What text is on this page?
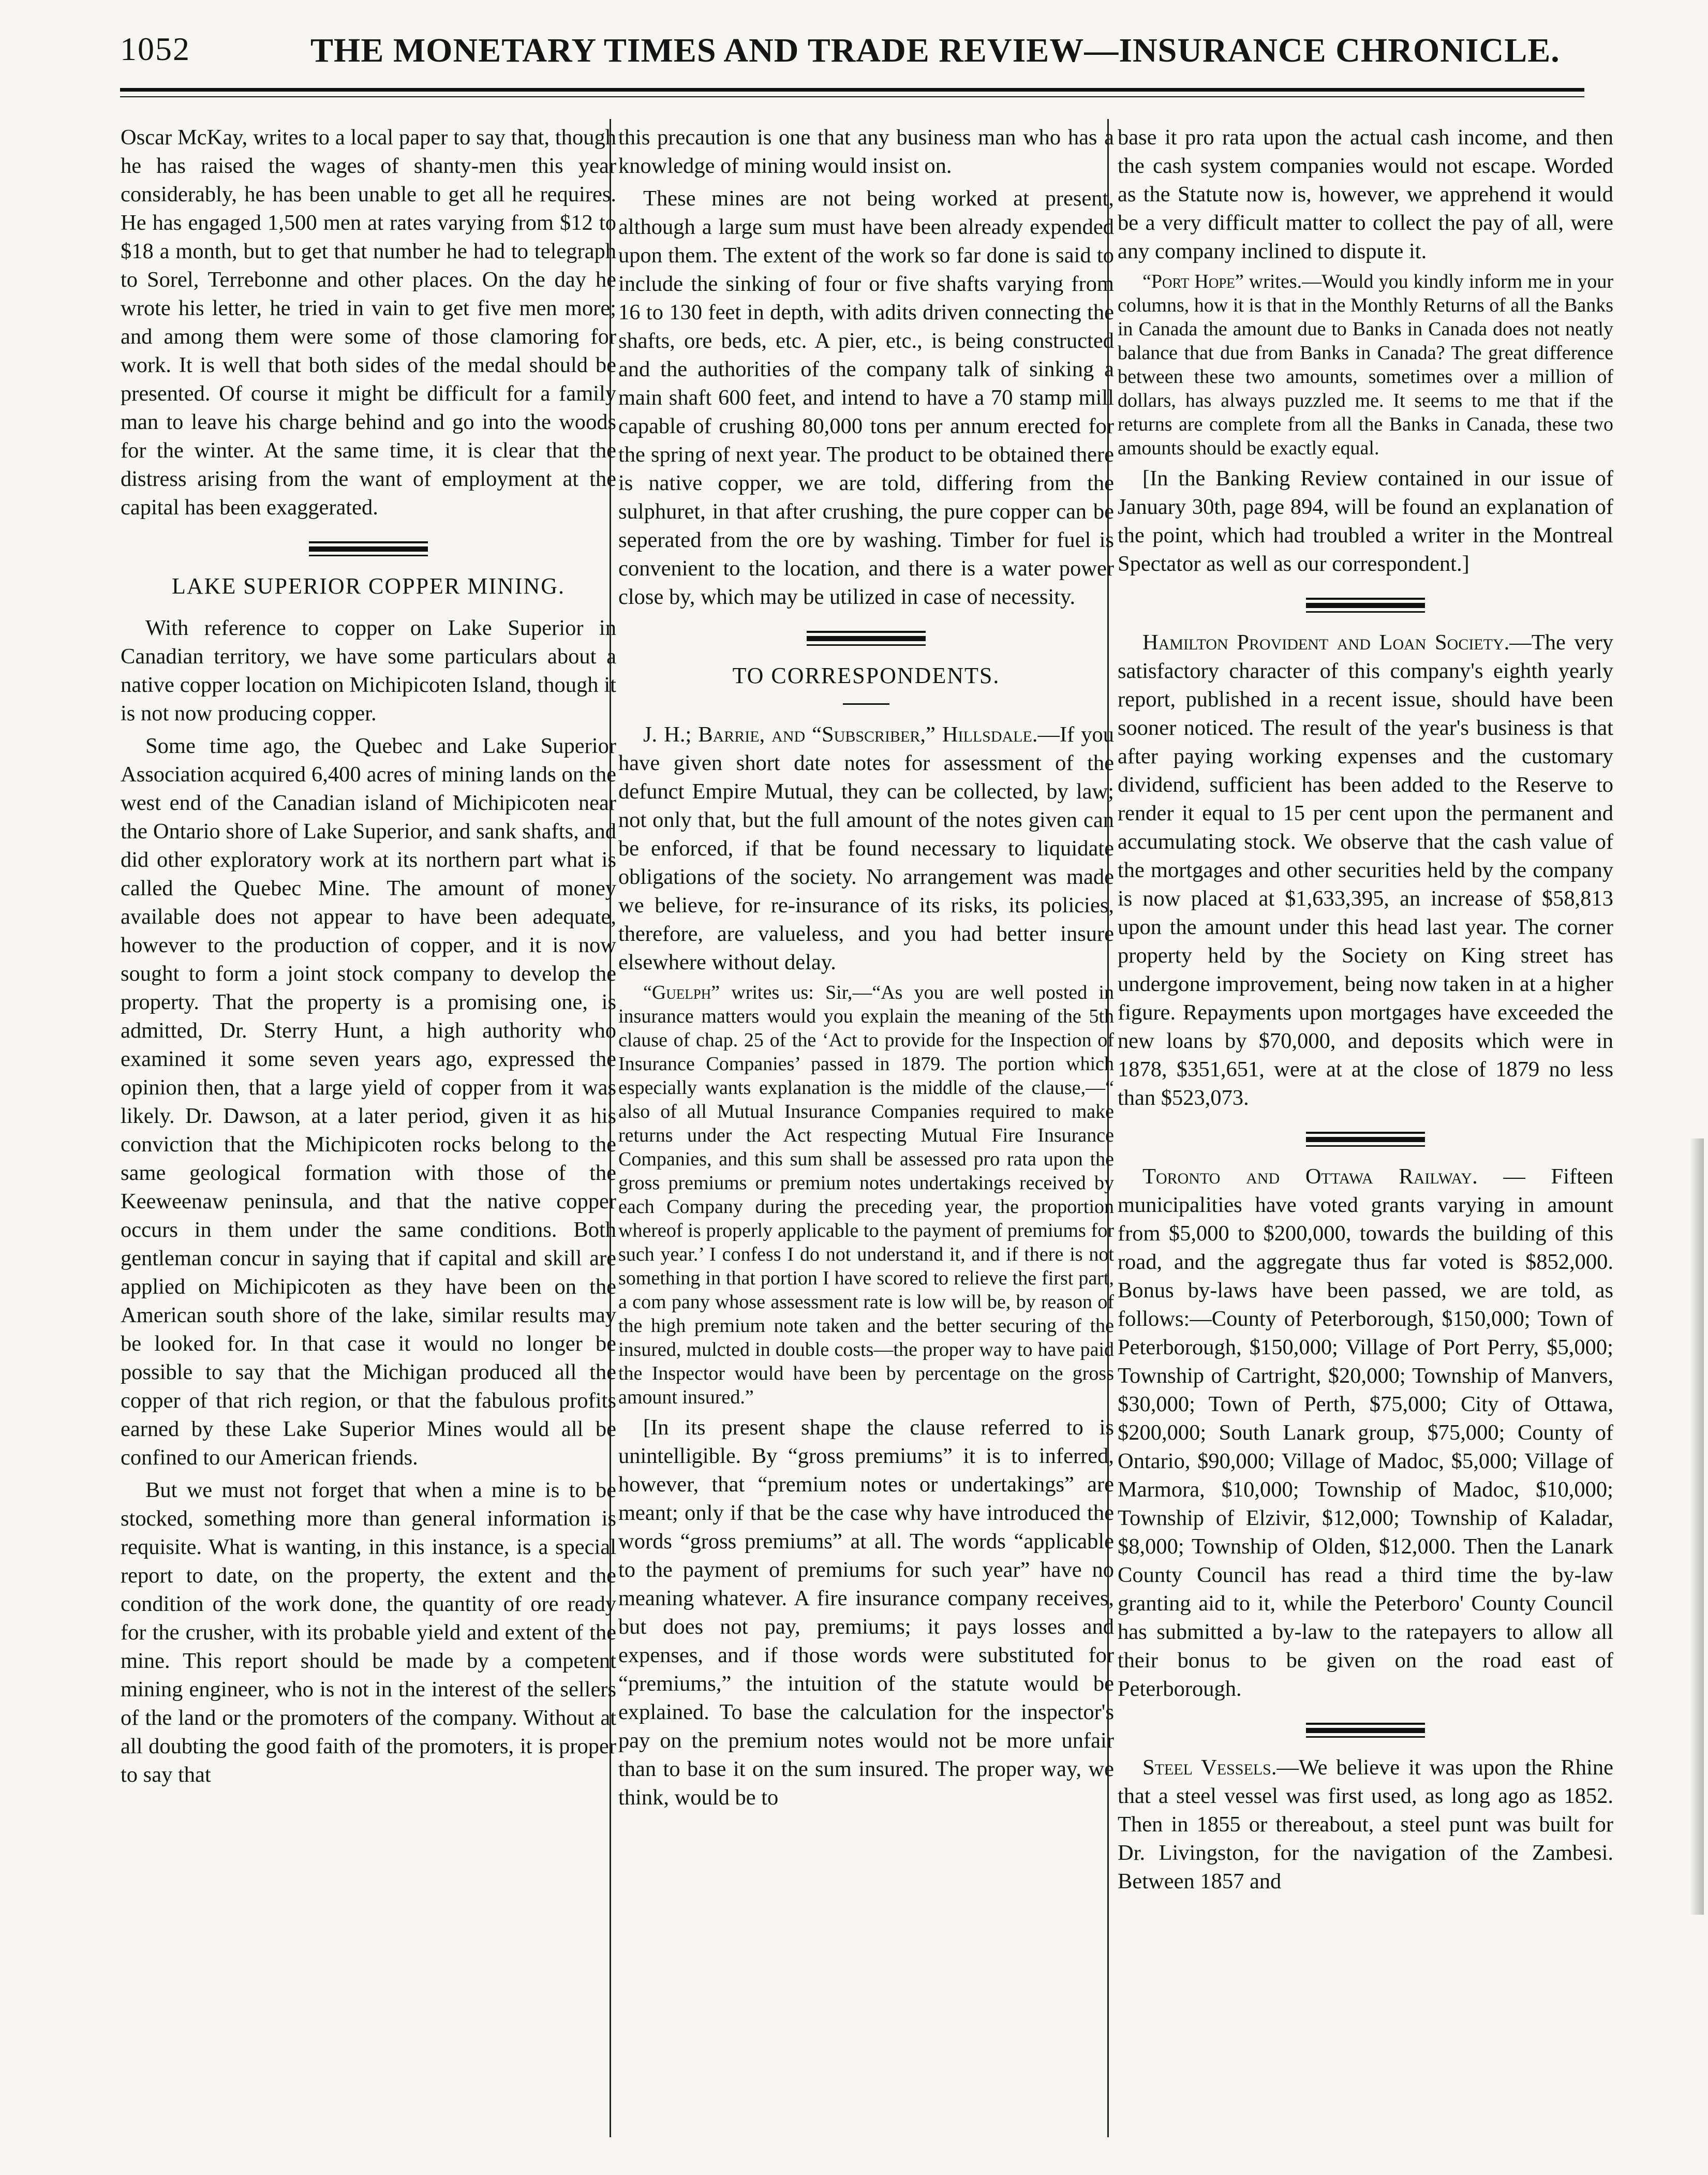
1052	THE MONETARY TIMES AND TRADE REVIEW—INSURANCE CHRONICLE.

Oscar McKay, writes to a local paper to say that, though he has raised the wages of shanty-men this year considerably, he has been unable to get all he requires. He has engaged 1,500 men at rates varying from $12 to $18 a month, but to get that number he had to telegraph to Sorel, Terrebonne and other places. On the day he wrote his letter, he tried in vain to get five men more; and among them were some of those clamoring for work. It is well that both sides of the medal should be presented. Of course it might be difficult for a family man to leave his charge behind and go into the woods for the winter. At the same time, it is clear that the distress arising from the want of employment at the capital has been exaggerated.

LAKE SUPERIOR COPPER MINING.

With reference to copper on Lake Superior in Canadian territory, we have some particulars about a native copper location on Michipicoten Island, though it is not now producing copper.

Some time ago, the Quebec and Lake Superior Association acquired 6,400 acres of mining lands on the west end of the Canadian island of Michipicoten near the Ontario shore of Lake Superior, and sank shafts, and did other exploratory work at its northern part what is called the Quebec Mine. The amount of money available does not appear to have been adequate, however to the production of copper, and it is now sought to form a joint stock company to develop the property. That the property is a promising one, is admitted, Dr. Sterry Hunt, a high authority who examined it some seven years ago, expressed the opinion then, that a large yield of copper from it was likely. Dr. Dawson, at a later period, given it as his conviction that the Michipicoten rocks belong to the same geological formation with those of the Keeweenaw peninsula, and that the native copper occurs in them under the same conditions. Both gentleman concur in saying that if capital and skill are applied on Michipicoten as they have been on the American south shore of the lake, similar results may be looked for. In that case it would no longer be possible to say that the Michigan produced all the copper of that rich region, or that the fabulous profits earned by these Lake Superior Mines would all be confined to our American friends.

But we must not forget that when a mine is to be stocked, something more than general information is requisite. What is wanting, in this instance, is a special report to date, on the property, the extent and the condition of the work done, the quantity of ore ready for the crusher, with its probable yield and extent of the mine. This report should be made by a competent mining engineer, who is not in the interest of the sellers of the land or the promoters of the company. Without at all doubting the good faith of the promoters, it is proper to say that

this precaution is one that any business man who has a knowledge of mining would insist on.

These mines are not being worked at present, although a large sum must have been already expended upon them. The extent of the work so far done is said to include the sinking of four or five shafts varying from 16 to 130 feet in depth, with adits driven connecting the shafts, ore beds, etc. A pier, etc., is being constructed and the authorities of the company talk of sinking a main shaft 600 feet, and intend to have a 70 stamp mill capable of crushing 80,000 tons per annum erected for the spring of next year. The product to be obtained there is native copper, we are told, differing from the sulphuret, in that after crushing, the pure copper can be seperated from the ore by washing. Timber for fuel is convenient to the location, and there is a water power close by, which may be utilized in case of necessity.

TO CORRESPONDENTS.

J. H.; Barrie, and “Subscriber,” Hillsdale.—If you have given short date notes for assessment of the defunct Empire Mutual, they can be collected, by law; not only that, but the full amount of the notes given can be enforced, if that be found necessary to liquidate obligations of the society. No arrangement was made we believe, for re-insurance of its risks, its policies, therefore, are valueless, and you had better insure elsewhere without delay.

“Guelph” writes us: Sir,—“As you are well posted in insurance matters would you explain the meaning of the 5th clause of chap. 25 of the ‘Act to provide for the Inspection of Insurance Companies’ passed in 1879. The portion which especially wants explanation is the middle of the clause,—“ also of all Mutual Insurance Companies required to make returns under the Act respecting Mutual Fire Insurance Companies, and this sum shall be assessed pro rata upon the gross premiums or premium notes undertakings received by each Company during the preceding year, the proportion whereof is properly applicable to the payment of premiums for such year.’ I confess I do not understand it, and if there is not something in that portion I have scored to relieve the first part, a com pany whose assessment rate is low will be, by reason of the high premium note taken and the better securing of the insured, mulcted in double costs—the proper way to have paid the Inspector would have been by percentage on the gross amount insured.”

[In its present shape the clause referred to is unintelligible. By “gross premiums” it is to inferred, however, that “premium notes or undertakings” are meant; only if that be the case why have introduced the words “gross premiums” at all. The words “applicable to the payment of premiums for such year” have no meaning whatever. A fire insurance company receives, but does not pay, premiums; it pays losses and expenses, and if those words were substituted for “premiums,” the intuition of the statute would be explained. To base the calculation for the inspector's pay on the premium notes would not be more unfair than to base it on the sum insured. The proper way, we think, would be to

base it pro rata upon the actual cash income, and then the cash system companies would not escape. Worded as the Statute now is, however, we apprehend it would be a very difficult matter to collect the pay of all, were any company inclined to dispute it.

“Port Hope” writes.—Would you kindly inform me in your columns, how it is that in the Monthly Returns of all the Banks in Canada the amount due to Banks in Canada does not neatly balance that due from Banks in Canada? The great difference between these two amounts, sometimes over a million of dollars, has always puzzled me. It seems to me that if the returns are complete from all the Banks in Canada, these two amounts should be exactly equal.

[In the Banking Review contained in our issue of January 30th, page 894, will be found an explanation of the point, which had troubled a writer in the Montreal Spectator as well as our correspondent.]

Hamilton Provident and Loan Society.—The very satisfactory character of this company's eighth yearly report, published in a recent issue, should have been sooner noticed. The result of the year's business is that after paying working expenses and the customary dividend, sufficient has been added to the Reserve to render it equal to 15 per cent upon the permanent and accumulating stock. We observe that the cash value of the mortgages and other securities held by the company is now placed at $1,633,395, an increase of $58,813 upon the amount under this head last year. The corner property held by the Society on King street has undergone improvement, being now taken in at a higher figure. Repayments upon mortgages have exceeded the new loans by $70,000, and deposits which were in 1878, $351,651, were at at the close of 1879 no less than $523,073.

Toronto and Ottawa Railway. — Fifteen municipalities have voted grants varying in amount from $5,000 to $200,000, towards the building of this road, and the aggregate thus far voted is $852,000. Bonus by-laws have been passed, we are told, as follows:—County of Peterborough, $150,000; Town of Peterborough, $150,000; Village of Port Perry, $5,000; Township of Cartright, $20,000; Township of Manvers, $30,000; Town of Perth, $75,000; City of Ottawa, $200,000; South Lanark group, $75,000; County of Ontario, $90,000; Village of Madoc, $5,000; Village of Marmora, $10,000; Township of Madoc, $10,000; Township of Elzivir, $12,000; Township of Kaladar, $8,000; Township of Olden, $12,000. Then the Lanark County Council has read a third time the by-law granting aid to it, while the Peterboro' County Council has submitted a by-law to the ratepayers to allow all their bonus to be given on the road east of Peterborough.

Steel Vessels.—We believe it was upon the Rhine that a steel vessel was first used, as long ago as 1852. Then in 1855 or thereabout, a steel punt was built for Dr. Livingston, for the navigation of the Zambesi. Between 1857 and
